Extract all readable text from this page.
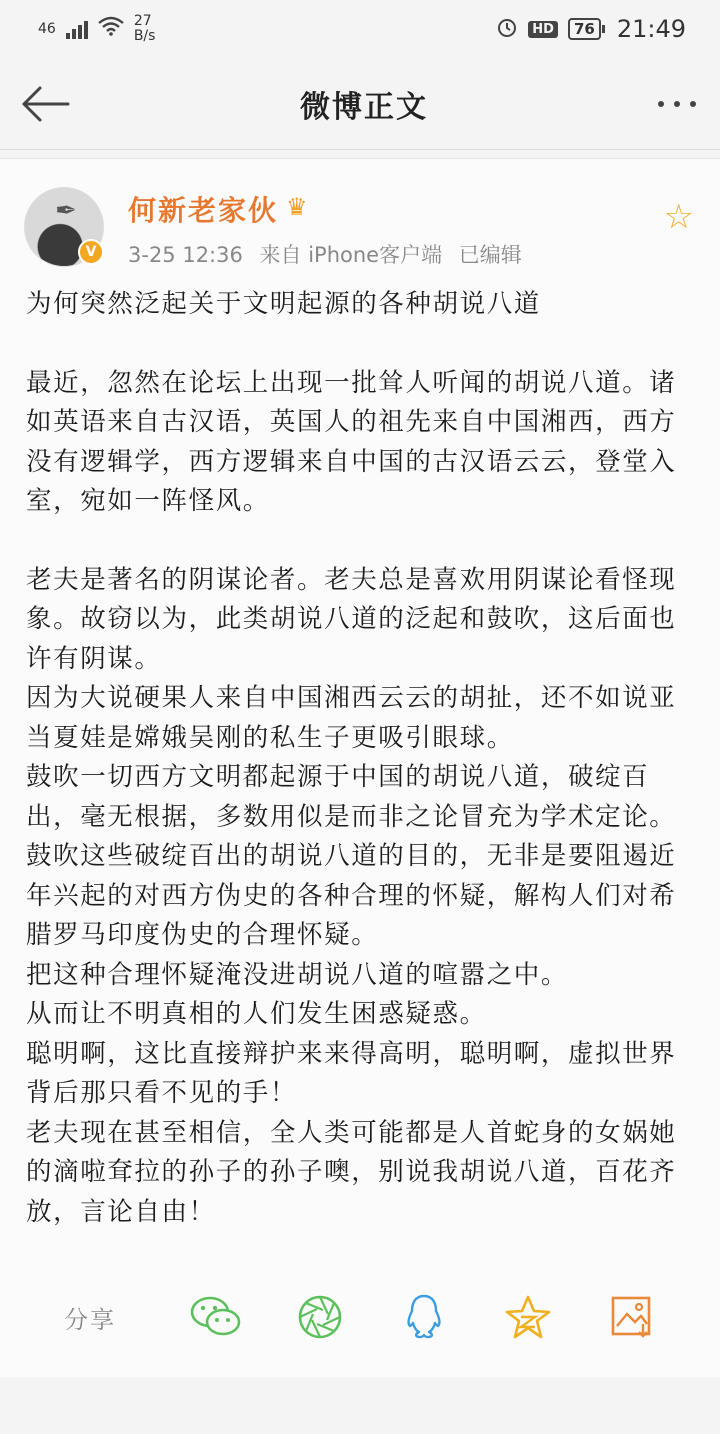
46	27
B/s	HD	76 21:49
微博正文
✒
V
何新老家伙 ♛
3-25 12:36 来自 iPhone客户端 已编辑
☆

为何突然泛起关于文明起源的各种胡说八道

最近，忽然在论坛上出现一批耸人听闻的胡说八道。诸如英语来自古汉语，英国人的祖先来自中国湘西，西方没有逻辑学，西方逻辑来自中国的古汉语云云，登堂入室，宛如一阵怪风。

老夫是著名的阴谋论者。老夫总是喜欢用阴谋论看怪现象。故窃以为，此类胡说八道的泛起和鼓吹，这后面也许有阴谋。

因为大说硬果人来自中国湘西云云的胡扯，还不如说亚当夏娃是嫦娥吴刚的私生子更吸引眼球。

鼓吹一切西方文明都起源于中国的胡说八道，破绽百出，毫无根据，多数用似是而非之论冒充为学术定论。

鼓吹这些破绽百出的胡说八道的目的，无非是要阻遏近年兴起的对西方伪史的各种合理的怀疑，解构人们对希腊罗马印度伪史的合理怀疑。

把这种合理怀疑淹没进胡说八道的喧嚣之中。

从而让不明真相的人们发生困惑疑惑。

聪明啊，这比直接辩护来来得高明，聪明啊，虚拟世界背后那只看不见的手！

老夫现在甚至相信，全人类可能都是人首蛇身的女娲她的滴啦耷拉的孙子的孙子噢，别说我胡说八道，百花齐放，言论自由！

分享
